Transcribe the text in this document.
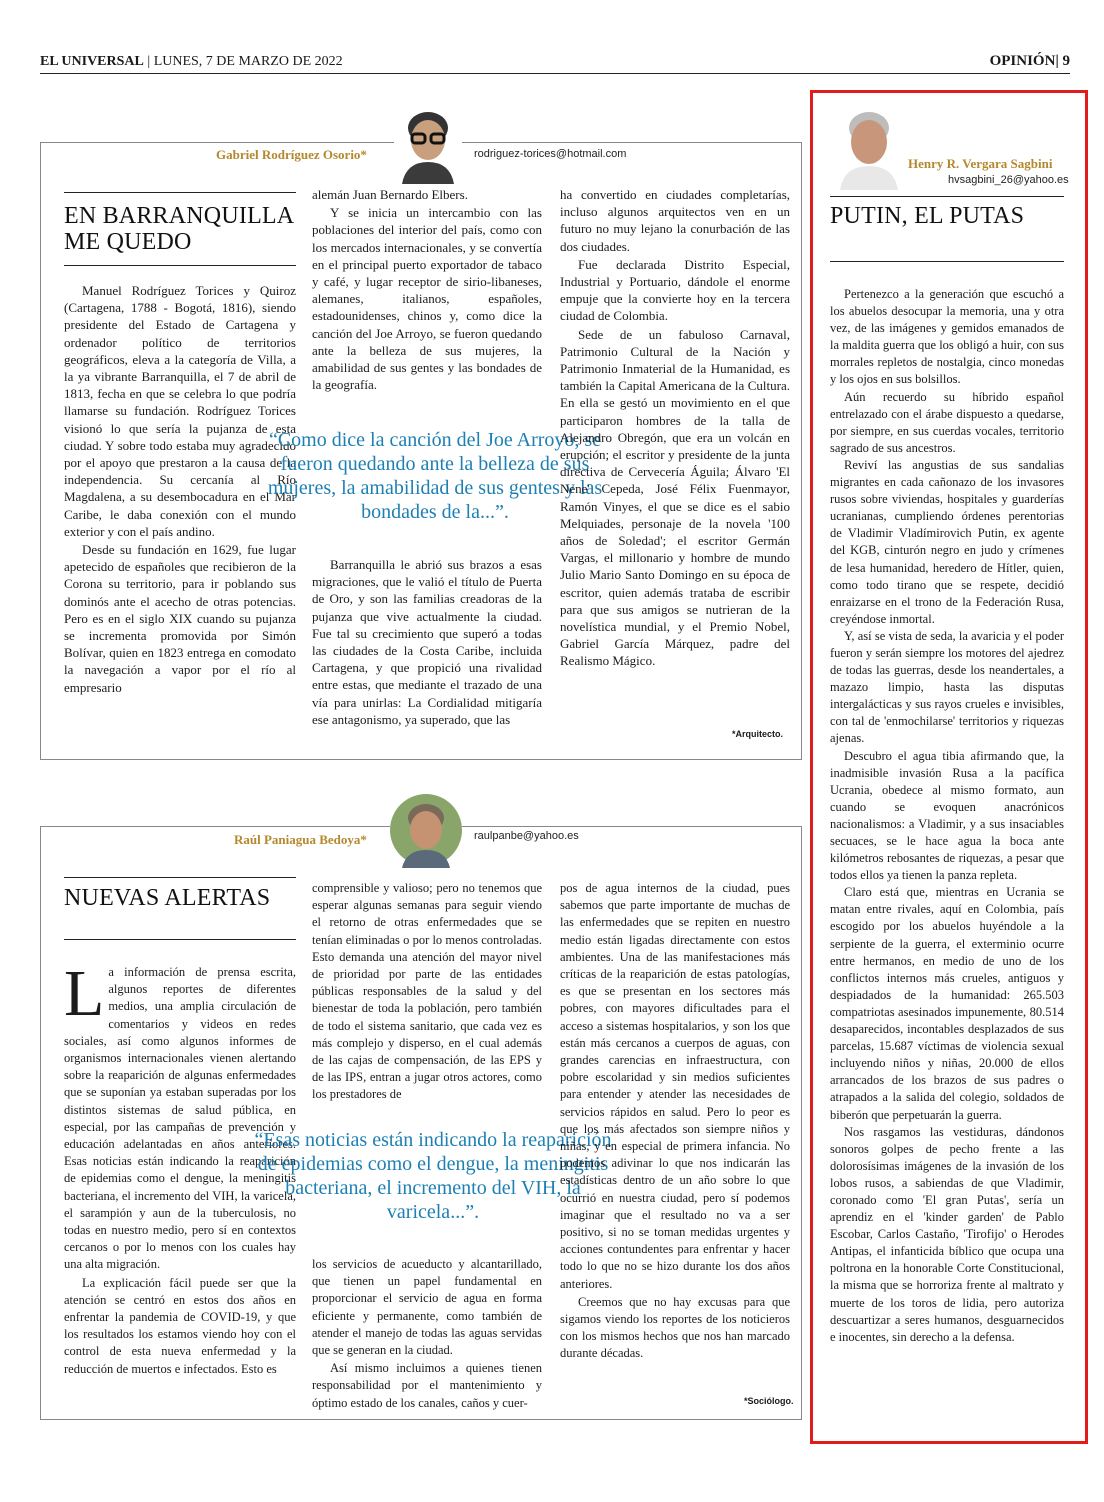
EL UNIVERSAL | LUNES, 7 DE MARZO DE 2022	OPINIÓN| 9
Gabriel Rodríguez Osorio*	rodriguez-torices@hotmail.com
EN BARRANQUILLA
ME QUEDO

Manuel Rodríguez Torices y Quiroz (Cartagena, 1788 - Bogotá, 1816), siendo presidente del Estado de Cartagena y ordenador político de territorios geográficos, eleva a la categoría de Villa, a la ya vibrante Barranquilla, el 7 de abril de 1813, fecha en que se celebra lo que podría llamarse su fundación. Rodríguez Torices visionó lo que sería la pujanza de esta ciudad. Y sobre todo estaba muy agradecido por el apoyo que prestaron a la causa de la independencia. Su cercanía al Río Magdalena, a su desembocadura en el Mar Caribe, le daba conexión con el mundo exterior y con el país andino.

Desde su fundación en 1629, fue lugar apetecido de españoles que recibieron de la Corona su territorio, para ir poblando sus dominós ante el acecho de otras potencias. Pero es en el siglo XIX cuando su pujanza se incrementa promovida por Simón Bolívar, quien en 1823 entrega en comodato la navegación a vapor por el río al empresario

alemán Juan Bernardo Elbers.

Y se inicia un intercambio con las poblaciones del interior del país, como con los mercados internacionales, y se convertía en el principal puerto exportador de tabaco y café, y lugar receptor de sirio-libaneses, alemanes, italianos, españoles, estadounidenses, chinos y, como dice la canción del Joe Arroyo, se fueron quedando ante la belleza de sus mujeres, la amabilidad de sus gentes y las bondades de la geografía.

“Como dice la canción del Joe Arroyo, se fueron quedando ante la belleza de sus mujeres, la amabilidad de sus gentes y las bondades de la...”.

Barranquilla le abrió sus brazos a esas migraciones, que le valió el título de Puerta de Oro, y son las familias creadoras de la pujanza que vive actualmente la ciudad. Fue tal su crecimiento que superó a todas las ciudades de la Costa Caribe, incluida Cartagena, y que propició una rivalidad entre estas, que mediante el trazado de una vía para unirlas: La Cordialidad mitigaría ese antagonismo, ya superado, que las

ha convertido en ciudades completarías, incluso algunos arquitectos ven en un futuro no muy lejano la conurbación de las dos ciudades.

Fue declarada Distrito Especial, Industrial y Portuario, dándole el enorme empuje que la convierte hoy en la tercera ciudad de Colombia.

Sede de un fabuloso Carnaval, Patrimonio Cultural de la Nación y Patrimonio Inmaterial de la Humanidad, es también la Capital Americana de la Cultura. En ella se gestó un movimiento en el que participaron hombres de la talla de Alejandro Obregón, que era un volcán en erupción; el escritor y presidente de la junta directiva de Cervecería Águila; Álvaro 'El Nene' Cepeda, José Félix Fuenmayor, Ramón Vinyes, el que se dice es el sabio Melquiades, personaje de la novela '100 años de Soledad'; el escritor Germán Vargas, el millonario y hombre de mundo Julio Mario Santo Domingo en su época de escritor, quien además trataba de escribir para que sus amigos se nutrieran de la novelística mundial, y el Premio Nobel, Gabriel García Márquez, padre del Realismo Mágico.

*Arquitecto.
Raúl Paniagua Bedoya*	raulpanbe@yahoo.es
NUEVAS ALERTAS
L a información de prensa escrita, algunos reportes de diferentes medios, una amplia circulación de comentarios y videos en redes sociales, así como algunos informes de organismos internacionales vienen alertando sobre la reaparición de algunas enfermedades que se suponían ya estaban superadas por los distintos sistemas de salud pública, en especial, por las campañas de prevención y educación adelantadas en años anteriores. Esas noticias están indicando la reaparición de epidemias como el dengue, la meningitis bacteriana, el incremento del VIH, la varicela, el sarampión y aun de la tuberculosis, no todas en nuestro medio, pero sí en contextos cercanos o por lo menos con los cuales hay una alta migración.

La explicación fácil puede ser que la atención se centró en estos dos años en enfrentar la pandemia de COVID-19, y que los resultados los estamos viendo hoy con el control de esta nueva enfermedad y la reducción de muertos e infectados. Esto es

comprensible y valioso; pero no tenemos que esperar algunas semanas para seguir viendo el retorno de otras enfermedades que se tenían eliminadas o por lo menos controladas. Esto demanda una atención del mayor nivel de prioridad por parte de las entidades públicas responsables de la salud y del bienestar de toda la población, pero también de todo el sistema sanitario, que cada vez es más complejo y disperso, en el cual además de las cajas de compensación, de las EPS y de las IPS, entran a jugar otros actores, como los prestadores de

“Esas noticias están indicando la reaparición de epidemias como el dengue, la meningitis bacteriana, el incremento del VIH, la varicela...”.

los servicios de acueducto y alcantarillado, que tienen un papel fundamental en proporcionar el servicio de agua en forma eficiente y permanente, como también de atender el manejo de todas las aguas servidas que se generan en la ciudad.

Así mismo incluimos a quienes tienen responsabilidad por el mantenimiento y óptimo estado de los canales, caños y cuer-

pos de agua internos de la ciudad, pues sabemos que parte importante de muchas de las enfermedades que se repiten en nuestro medio están ligadas directamente con estos ambientes. Una de las manifestaciones más críticas de la reaparición de estas patologías, es que se presentan en los sectores más pobres, con mayores dificultades para el acceso a sistemas hospitalarios, y son los que están más cercanos a cuerpos de aguas, con grandes carencias en infraestructura, con pobre escolaridad y sin medios suficientes para entender y atender las necesidades de servicios rápidos en salud. Pero lo peor es que los más afectados son siempre niños y niñas, y en especial de primera infancia. No podemos adivinar lo que nos indicarán las estadísticas dentro de un año sobre lo que ocurrió en nuestra ciudad, pero sí podemos imaginar que el resultado no va a ser positivo, si no se toman medidas urgentes y acciones contundentes para enfrentar y hacer todo lo que no se hizo durante los dos años anteriores.

Creemos que no hay excusas para que sigamos viendo los reportes de los noticieros con los mismos hechos que nos han marcado durante décadas.

*Sociólogo.
Henry R. Vergara Sagbini
hvsagbini_26@yahoo.es
PUTIN, EL PUTAS

Pertenezco a la generación que escuchó a los abuelos desocupar la memoria, una y otra vez, de las imágenes y gemidos emanados de la maldita guerra que los obligó a huir, con sus morrales repletos de nostalgia, cinco monedas y los ojos en sus bolsillos.

Aún recuerdo su híbrido español entrelazado con el árabe dispuesto a quedarse, por siempre, en sus cuerdas vocales, territorio sagrado de sus ancestros.

Reviví las angustias de sus sandalias migrantes en cada cañonazo de los invasores rusos sobre viviendas, hospitales y guarderías ucranianas, cumpliendo órdenes perentorias de Vladimir Vladímirovich Putin, ex agente del KGB, cinturón negro en judo y crímenes de lesa humanidad, heredero de Hítler, quien, como todo tirano que se respete, decidió enraizarse en el trono de la Federación Rusa, creyéndose inmortal.

Y, así se vista de seda, la avaricia y el poder fueron y serán siempre los motores del ajedrez de todas las guerras, desde los neandertales, a mazazo limpio, hasta las disputas intergalácticas y sus rayos crueles e invisibles, con tal de 'enmochilarse' territorios y riquezas ajenas.

Descubro el agua tibia afirmando que, la inadmisible invasión Rusa a la pacífica Ucrania, obedece al mismo formato, aun cuando se evoquen anacrónicos nacionalismos: a Vladimir, y a sus insaciables secuaces, se le hace agua la boca ante kilómetros rebosantes de riquezas, a pesar que todos ellos ya tienen la panza repleta.

Claro está que, mientras en Ucrania se matan entre rivales, aquí en Colombia, país escogido por los abuelos huyéndole a la serpiente de la guerra, el exterminio ocurre entre hermanos, en medio de uno de los conflictos internos más crueles, antiguos y despiadados de la humanidad: 265.503 compatriotas asesinados impunemente, 80.514 desaparecidos, incontables desplazados de sus parcelas, 15.687 víctimas de violencia sexual incluyendo niños y niñas, 20.000 de ellos arrancados de los brazos de sus padres o atrapados a la salida del colegio, soldados de biberón que perpetuarán la guerra.

Nos rasgamos las vestiduras, dándonos sonoros golpes de pecho frente a las dolorosísimas imágenes de la invasión de los lobos rusos, a sabiendas de que Vladimir, coronado como 'El gran Putas', sería un aprendiz en el 'kinder garden' de Pablo Escobar, Carlos Castaño, 'Tirofijo' o Herodes Antipas, el infanticida bíblico que ocupa una poltrona en la honorable Corte Constitucional, la misma que se horroriza frente al maltrato y muerte de los toros de lidia, pero autoriza descuartizar a seres humanos, desguarnecidos e inocentes, sin derecho a la defensa.
